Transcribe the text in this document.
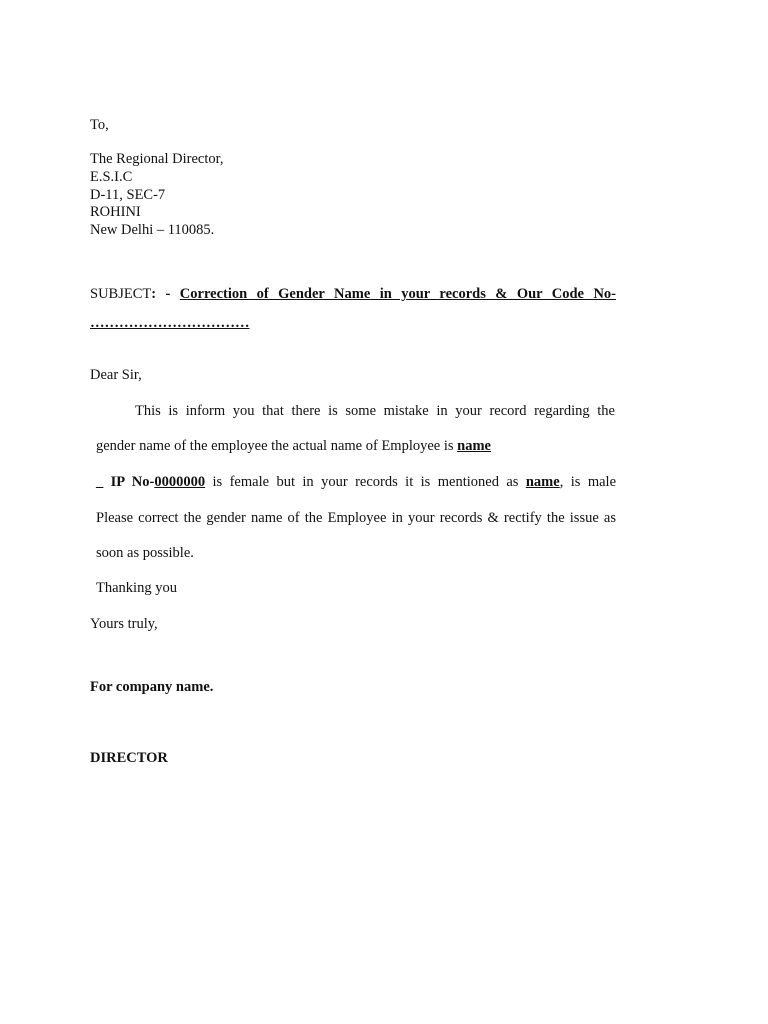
To,
The Regional Director,
E.S.I.C
D-11, SEC-7
ROHINI
New Delhi – 110085.
SUBJECT: - Correction of Gender Name in your records & Our Code No-
……………………………
Dear Sir,
This is inform you that there is some mistake in your record regarding the
gender name of the employee the actual name of Employee is name
_ IP No-0000000 is female but in your records it is mentioned as name, is male
Please correct the gender name of the Employee in your records & rectify the issue as
soon as possible.
Thanking you
Yours truly,
For company name.
DIRECTOR
